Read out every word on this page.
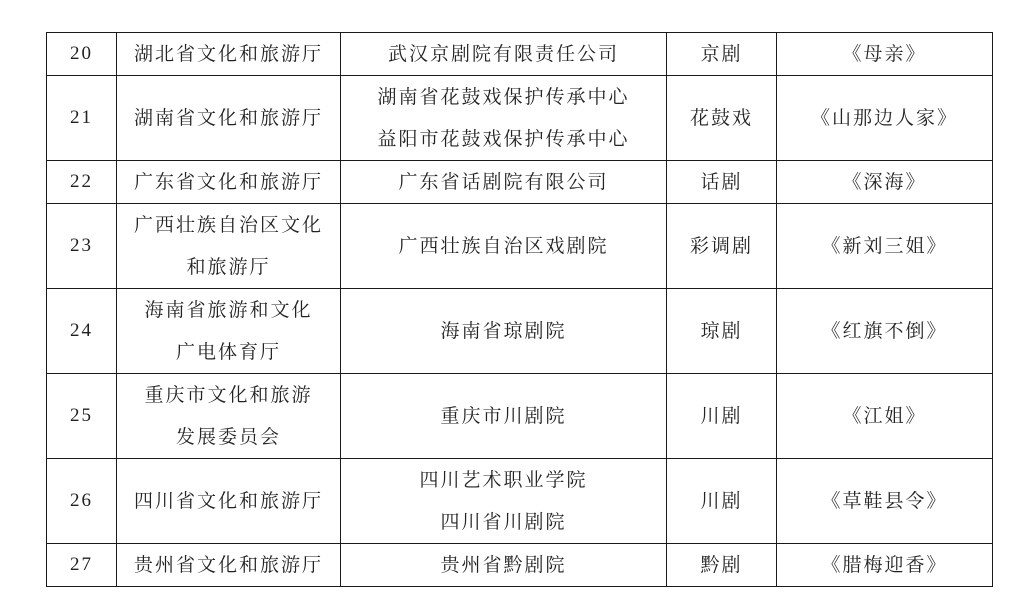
20	湖北省文化和旅游厅	武汉京剧院有限责任公司	京剧	《母亲》
21	湖南省文化和旅游厅	湖南省花鼓戏保护传承中心
益阳市花鼓戏保护传承中心	花鼓戏	《山那边人家》
22	广东省文化和旅游厅	广东省话剧院有限公司	话剧	《深海》
23	广西壮族自治区文化
和旅游厅	广西壮族自治区戏剧院	彩调剧	《新刘三姐》
24	海南省旅游和文化
广电体育厅	海南省琼剧院	琼剧	《红旗不倒》
25	重庆市文化和旅游
发展委员会	重庆市川剧院	川剧	《江姐》
26	四川省文化和旅游厅	四川艺术职业学院
四川省川剧院	川剧	《草鞋县令》
27	贵州省文化和旅游厅	贵州省黔剧院	黔剧	《腊梅迎香》
